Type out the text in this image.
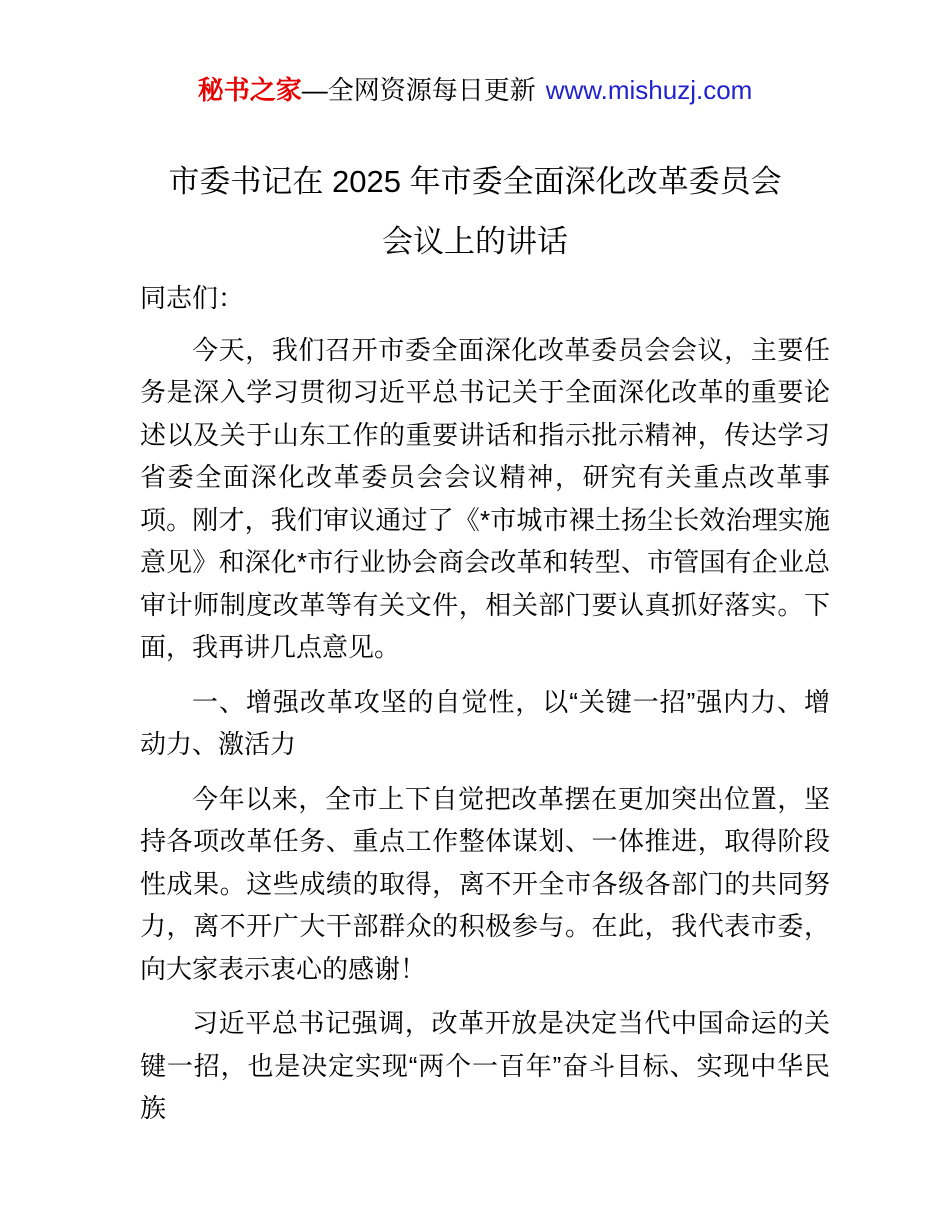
秘书之家—全网资源每日更新 www.mishuzj.com
市委书记在 2025 年市委全面深化改革委员会
会议上的讲话
同志们：

今天，我们召开市委全面深化改革委员会会议，主要任务是深入学习贯彻习近平总书记关于全面深化改革的重要论述以及关于山东工作的重要讲话和指示批示精神，传达学习省委全面深化改革委员会会议精神，研究有关重点改革事项。刚才，我们审议通过了《*市城市裸土扬尘长效治理实施意见》和深化*市行业协会商会改革和转型、市管国有企业总审计师制度改革等有关文件，相关部门要认真抓好落实。下面，我再讲几点意见。

一、增强改革攻坚的自觉性，以“关键一招”强内力、增动力、激活力

今年以来，全市上下自觉把改革摆在更加突出位置，坚持各项改革任务、重点工作整体谋划、一体推进，取得阶段性成果。这些成绩的取得，离不开全市各级各部门的共同努力，离不开广大干部群众的积极参与。在此，我代表市委，向大家表示衷心的感谢！

习近平总书记强调，改革开放是决定当代中国命运的关键一招，也是决定实现“两个一百年”奋斗目标、实现中华民族
